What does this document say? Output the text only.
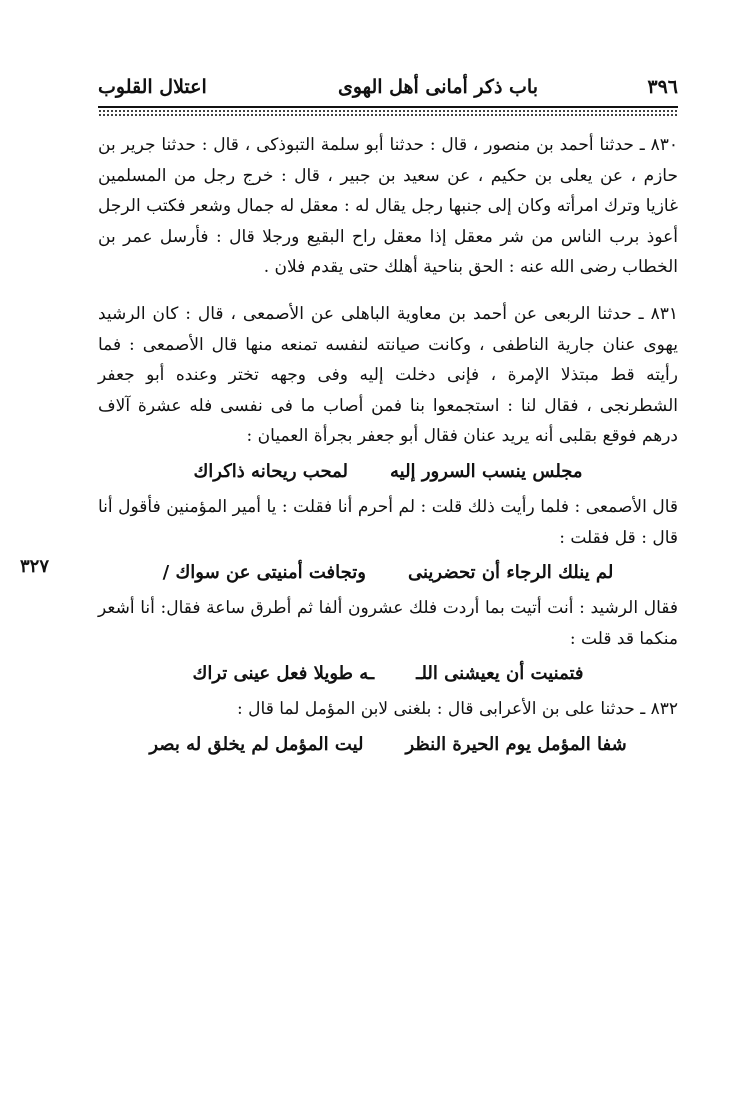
٣٩٦
باب ذكر أمانى أهل الهوى
اعتلال القلوب

٨٣٠ ـ حدثنا أحمد بن منصور ، قال : حدثنا أبو سلمة التبوذكى ، قال : حدثنا جرير بن حازم ، عن يعلى بن حكيم ، عن سعيد بن جبير ، قال : خرج رجل من المسلمين غازيا وترك امرأته وكان إلى جنبها رجل يقال له : معقل له جمال وشعر فكتب الرجل أعوذ برب الناس من شر معقل إذا معقل راح البقيع ورجلا قال : فأرسل عمر بن الخطاب رضى الله عنه : الحق بناحية أهلك حتى يقدم فلان .

٨٣١ ـ حدثنا الربعى عن أحمد بن معاوية الباهلى عن الأصمعى ، قال : كان الرشيد يهوى عنان جارية الناطفى ، وكانت صيانته لنفسه تمنعه منها قال الأصمعى : فما رأيته قط مبتذلا الإمرة ، فإنى دخلت إليه وفى وجهه تختر وعنده أبو جعفر الشطرنجى ، فقال لنا : استجمعوا بنا فمن أصاب ما فى نفسى فله عشرة آلاف درهم فوقع بقلبى أنه يريد عنان فقال أبو جعفر بجرأة العميان :

مجلس ينسب السرور إليه
لمحب ريحانه ذاكراك

قال الأصمعى : فلما رأيت ذلك قلت : لم أحرم أنا فقلت : يا أمير المؤمنين فأقول أنا قال : قل فقلت :

٣٢٧	لم ينلك الرجاء أن تحضرينى
وتجافت أمنيتى عن سواك /

فقال الرشيد : أنت أتيت بما أردت فلك عشرون ألفا ثم أطرق ساعة فقال: أنا أشعر منكما قد قلت :

فتمنيت أن يعيشنى اللـ
ـه طويلا فعل عينى تراك

٨٣٢ ـ حدثنا على بن الأعرابى قال : بلغنى لابن المؤمل لما قال :

شفا المؤمل يوم الحيرة النظر
ليت المؤمل لم يخلق له بصر
